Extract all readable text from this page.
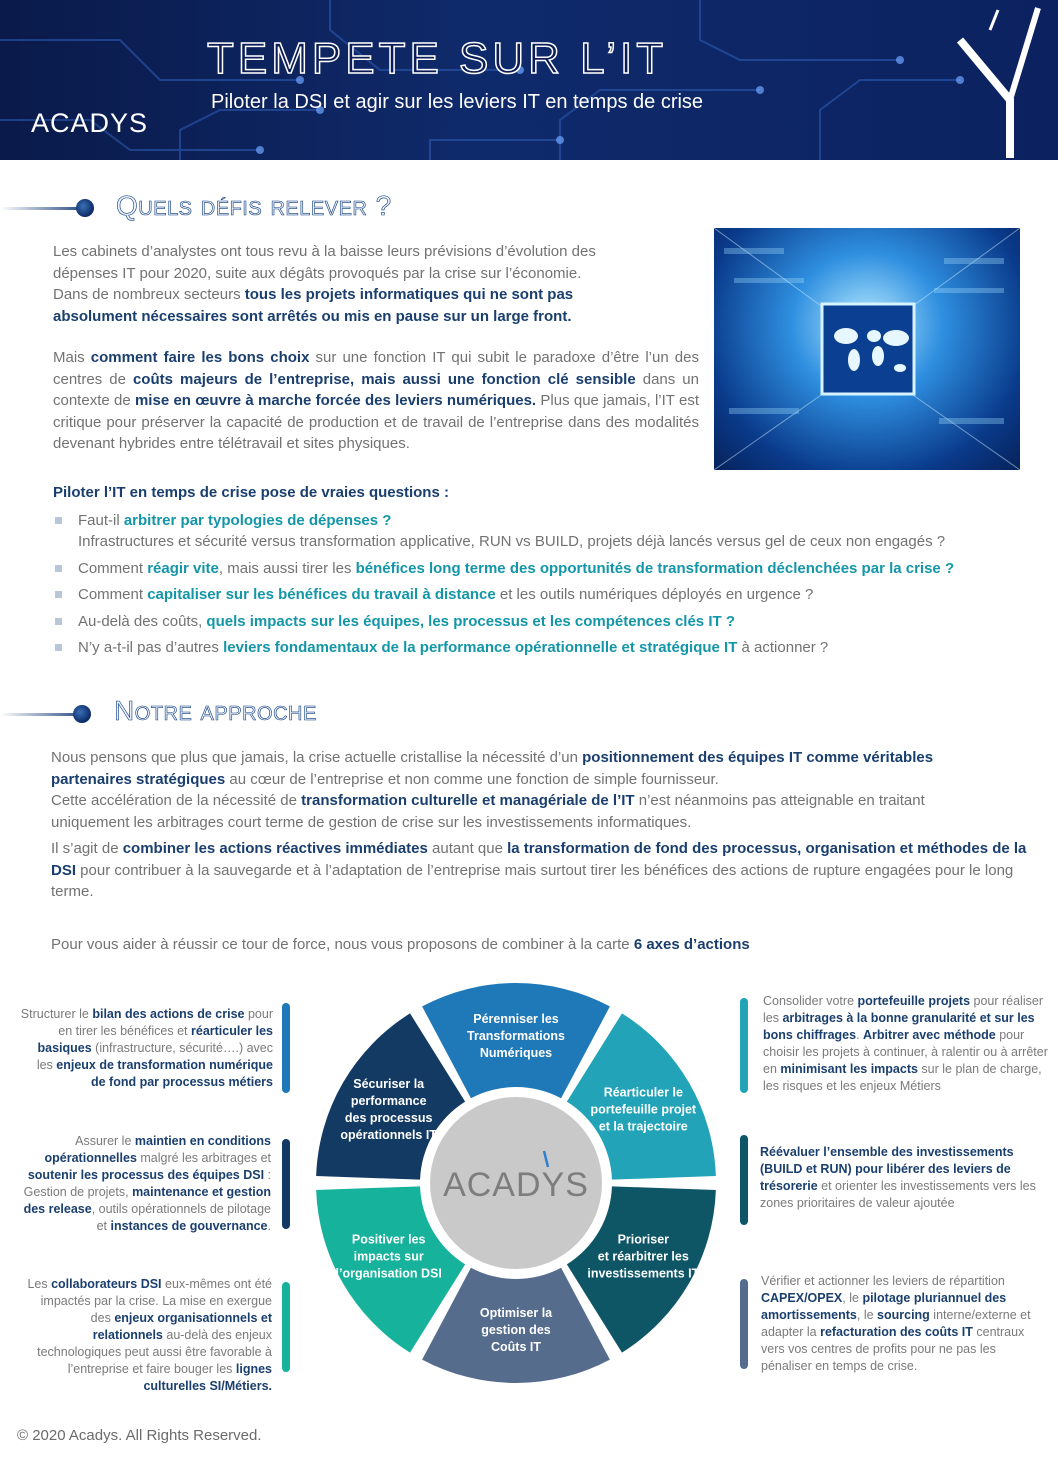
TEMPETE SUR L’IT
Piloter la DSI et agir sur les leviers IT en temps de crise
ACADYS
Quels défis relever ?
Les cabinets d’analystes ont tous revu à la baisse leurs prévisions d’évolution des dépenses IT pour 2020, suite aux dégâts provoqués par la crise sur l’économie.
Dans de nombreux secteurs tous les projets informatiques qui ne sont pas absolument nécessaires sont arrêtés ou mis en pause sur un large front.
Mais comment faire les bons choix sur une fonction IT qui subit le paradoxe d’être l’un des centres de coûts majeurs de l’entreprise, mais aussi une fonction clé sensible dans un contexte de mise en œuvre à marche forcée des leviers numériques. Plus que jamais, l’IT est critique pour préserver la capacité de production et de travail de l’entreprise dans des modalités devenant hybrides entre télétravail et sites physiques.
Piloter l’IT en temps de crise pose de vraies questions :
Faut-il arbitrer par typologies de dépenses ?
Infrastructures et sécurité versus transformation applicative, RUN vs BUILD, projets déjà lancés versus gel de ceux non engagés ?
Comment réagir vite, mais aussi tirer les bénéfices long terme des opportunités de transformation déclenchées par la crise ?
Comment capitaliser sur les bénéfices du travail à distance et les outils numériques déployés en urgence ?
Au-delà des coûts, quels impacts sur les équipes, les processus et les compétences clés IT ?
N’y a-t-il pas d’autres leviers fondamentaux de la performance opérationnelle et stratégique IT à actionner ?
Notre approche
Nous pensons que plus que jamais, la crise actuelle cristallise la nécessité d’un positionnement des équipes IT comme véritables partenaires stratégiques au cœur de l’entreprise et non comme une fonction de simple fournisseur.
Cette accélération de la nécessité de transformation culturelle et managériale de l’IT n’est néanmoins pas atteignable en traitant uniquement les arbitrages court terme de gestion de crise sur les investissements informatiques.
Il s’agit de combiner les actions réactives immédiates autant que la transformation de fond des processus, organisation et méthodes de la DSI pour contribuer à la sauvegarde et à l’adaptation de l’entreprise mais surtout tirer les bénéfices des actions de rupture engagées pour le long terme.
Pour vous aider à réussir ce tour de force, nous vous proposons de combiner à la carte 6 axes d’actions
Structurer le bilan des actions de crise pour en tirer les bénéfices et réarticuler les basiques (infrastructure, sécurité….) avec les enjeux de transformation numérique de fond par processus métiers
Assurer le maintien en conditions opérationnelles malgré les arbitrages et soutenir les processus des équipes DSI : Gestion de projets, maintenance et gestion des release, outils opérationnels de pilotage et instances de gouvernance.
Les collaborateurs DSI eux-mêmes ont été impactés par la crise. La mise en exergue des enjeux organisationnels et relationnels au-delà des enjeux technologiques peut aussi être favorable à l’entreprise et faire bouger les lignes culturelles SI/Métiers.
Pérenniser les
Transformations
Numériques
Réarticuler le
portefeuille projet
et la trajectoire
Prioriser
et réarbitrer les
investissements IT
Optimiser la
gestion des
Coûts IT
Positiver les
impacts sur
l’organisation DSI
Sécuriser la
performance
des processus
opérationnels IT
ACADYS
Consolider votre portefeuille projets pour réaliser les arbitrages à la bonne granularité et sur les bons chiffrages. Arbitrer avec méthode pour choisir les projets à continuer, à ralentir ou à arrêter en minimisant les impacts sur le plan de charge, les risques et les enjeux Métiers
Réévaluer l’ensemble des investissements (BUILD et RUN) pour libérer des leviers de trésorerie et orienter les investissements vers les zones prioritaires de valeur ajoutée
Vérifier et actionner les leviers de répartition CAPEX/OPEX, le pilotage pluriannuel des amortissements, le sourcing interne/externe et adapter la refacturation des coûts IT centraux vers vos centres de profits pour ne pas les pénaliser en temps de crise.
© 2020 Acadys. All Rights Reserved.
